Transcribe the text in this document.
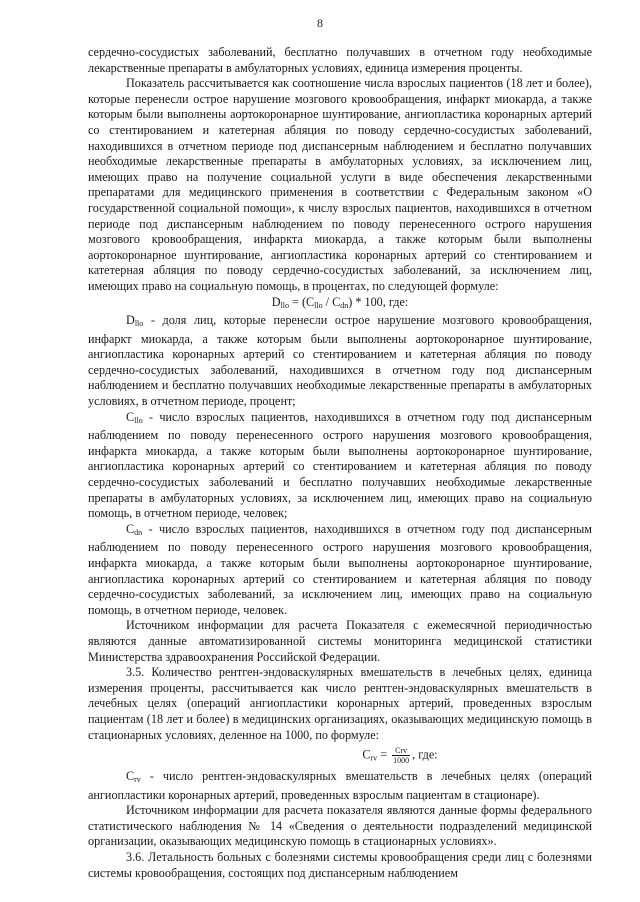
8

сердечно-сосудистых заболеваний, бесплатно получавших в отчетном году необходимые лекарственные препараты в амбулаторных условиях, единица измерения проценты.

Показатель рассчитывается как соотношение числа взрослых пациентов (18 лет и более), которые перенесли острое нарушение мозгового кровообращения, инфаркт миокарда, а также которым были выполнены аортокоронарное шунтирование, ангиопластика коронарных артерий со стентированием и катетерная абляция по поводу сердечно-сосудистых заболеваний, находившихся в отчетном периоде под диспансерным наблюдением и бесплатно получавших необходимые лекарственные препараты в амбулаторных условиях, за исключением лиц, имеющих право на получение социальной услуги в виде обеспечения лекарственными препаратами для медицинского применения в соответствии с Федеральным законом «О государственной социальной помощи», к числу взрослых пациентов, находившихся в отчетном периоде под диспансерным наблюдением по поводу перенесенного острого нарушения мозгового кровообращения, инфаркта миокарда, а также которым были выполнены аортокоронарное шунтирование, ангиопластика коронарных артерий со стентированием и катетерная абляция по поводу сердечно-сосудистых заболеваний, за исключением лиц, имеющих право на социальную помощь, в процентах, по следующей формуле:

$D_{llo} = (C_{llo} / C_{dn}) * 100$, где:

$D_{llo}$ - доля лиц, которые перенесли острое нарушение мозгового кровообращения, инфаркт миокарда, а также которым были выполнены аортокоронарное шунтирование, ангиопластика коронарных артерий со стентированием и катетерная абляция по поводу сердечно-сосудистых заболеваний, находившихся в отчетном году под диспансерным наблюдением и бесплатно получавших необходимые лекарственные препараты в амбулаторных условиях, в отчетном периоде, процент;

$C_{llo}$ - число взрослых пациентов, находившихся в отчетном году под диспансерным наблюдением по поводу перенесенного острого нарушения мозгового кровообращения, инфаркта миокарда, а также которым были выполнены аортокоронарное шунтирование, ангиопластика коронарных артерий со стентированием и катетерная абляция по поводу сердечно-сосудистых заболеваний и бесплатно получавших необходимые лекарственные препараты в амбулаторных условиях, за исключением лиц, имеющих право на социальную помощь, в отчетном периоде, человек;

$C_{dn}$ - число взрослых пациентов, находившихся в отчетном году под диспансерным наблюдением по поводу перенесенного острого нарушения мозгового кровообращения, инфаркта миокарда, а также которым были выполнены аортокоронарное шунтирование, ангиопластика коронарных артерий со стентированием и катетерная абляция по поводу сердечно-сосудистых заболеваний, за исключением лиц, имеющих право на социальную помощь, в отчетном периоде, человек.

Источником информации для расчета Показателя с ежемесячной периодичностью являются данные автоматизированной системы мониторинга медицинской статистики Министерства здравоохранения Российской Федерации.

3.5. Количество рентген-эндоваскулярных вмешательств в лечебных целях, единица измерения проценты, рассчитывается как число рентген-эндоваскулярных вмешательств в лечебных целях (операций ангиопластики коронарных артерий, проведенных взрослым пациентам (18 лет и более) в медицинских организациях, оказывающих медицинскую помощь в стационарных условиях, деленное на 1000, по формуле:

$C_{rv} = \frac{\text{Crv}}{1000}$ , где:

$C_{rv}$ - число рентген-эндоваскулярных вмешательств в лечебных целях (операций ангиопластики коронарных артерий, проведенных взрослым пациентам в стационаре).

Источником информации для расчета показателя являются данные формы федерального статистического наблюдения № 14 «Сведения о деятельности подразделений медицинской организации, оказывающих медицинскую помощь в стационарных условиях».

3.6. Летальность больных с болезнями системы кровообращения среди лиц с болезнями системы кровообращения, состоящих под диспансерным наблюдением
